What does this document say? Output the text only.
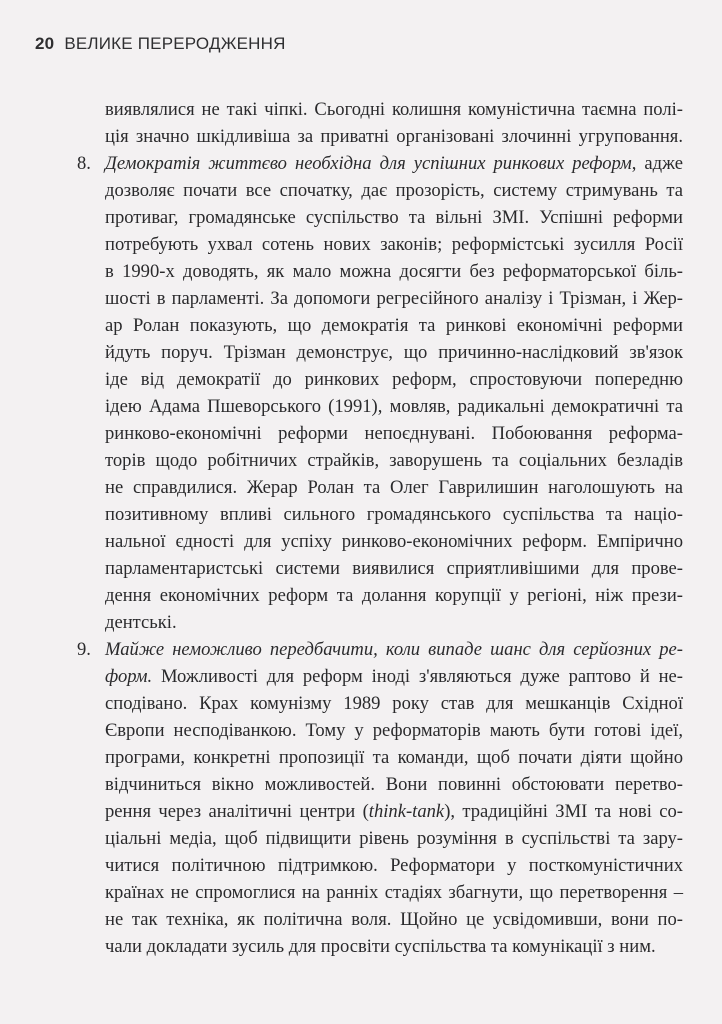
20 ВЕЛИКЕ ПЕРЕРОДЖЕННЯ
виявлялися не такі чіпкі. Сьогодні колишня комуністична таємна полі-
ція значно шкідливіша за приватні організовані злочинні угруповання.
8. Демократія життєво необхідна для успішних ринкових реформ, адже
дозволяє почати все спочатку, дає прозорість, систему стримувань та
противаг, громадянське суспільство та вільні ЗМІ. Успішні реформи
потребують ухвал сотень нових законів; реформістські зусилля Росії
в 1990-х доводять, як мало можна досягти без реформаторської біль-
шості в парламенті. За допомоги регресійного аналізу і Трізман, і Жер-
ар Ролан показують, що демократія та ринкові економічні реформи
йдуть поруч. Трізман демонструє, що причинно-наслідковий зв'язок
іде від демократії до ринкових реформ, спростовуючи попередню
ідею Адама Пшеворського (1991), мовляв, радикальні демократичні та
ринково-економічні реформи непоєднувані. Побоювання реформа-
торів щодо робітничих страйків, заворушень та соціальних безладів
не справдилися. Жерар Ролан та Олег Гаврилишин наголошують на
позитивному впливі сильного громадянського суспільства та націо-
нальної єдності для успіху ринково-економічних реформ. Емпірично
парламентаристські системи виявилися сприятливішими для прове-
дення економічних реформ та долання корупції у регіоні, ніж прези-
дентські.
9. Майже неможливо передбачити, коли випаде шанс для серйозних ре-
форм. Можливості для реформ іноді з'являються дуже раптово й не-
сподівано. Крах комунізму 1989 року став для мешканців Східної
Європи несподіванкою. Тому у реформаторів мають бути готові ідеї,
програми, конкретні пропозиції та команди, щоб почати діяти щойно
відчиниться вікно можливостей. Вони повинні обстоювати перетво-
рення через аналітичні центри (think-tank), традиційні ЗМІ та нові со-
ціальні медіа, щоб підвищити рівень розуміння в суспільстві та зару-
читися політичною підтримкою. Реформатори у посткомуністичних
країнах не спромоглися на ранніх стадіях збагнути, що перетворення –
не так техніка, як політична воля. Щойно це усвідомивши, вони по-
чали докладати зусиль для просвіти суспільства та комунікації з ним.
